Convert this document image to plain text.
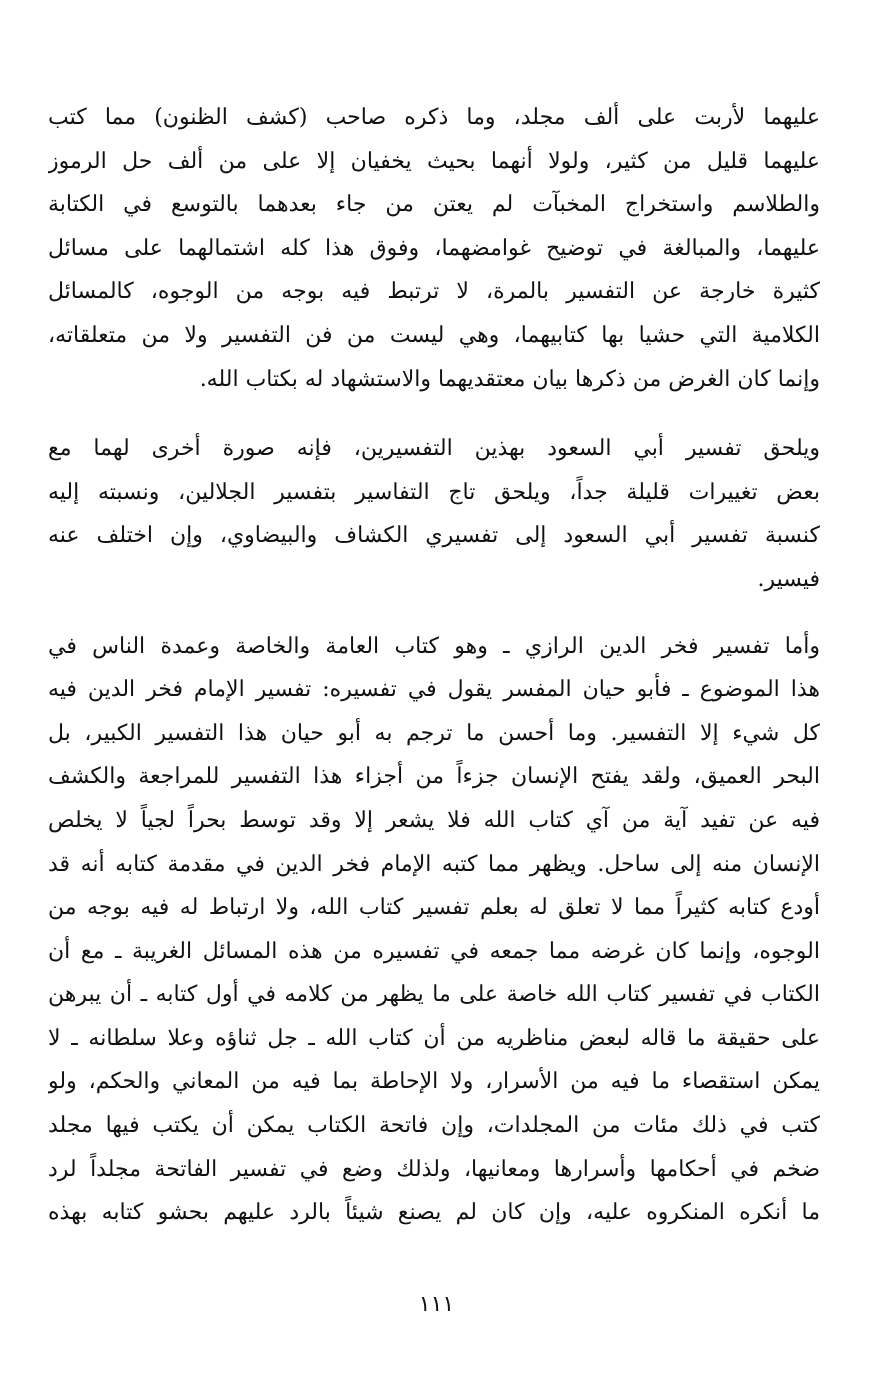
عليهما لأربت على ألف مجلد، وما ذكره صاحب (كشف الظنون) مما كتب
عليهما قليل من كثير، ولولا أنهما بحيث يخفيان إلا على من ألف حل الرموز
والطلاسم واستخراج المخبآت لم يعتن من جاء بعدهما بالتوسع في الكتابة
عليهما، والمبالغة في توضيح غوامضهما، وفوق هذا كله اشتمالهما على مسائل
كثيرة خارجة عن التفسير بالمرة، لا ترتبط فيه بوجه من الوجوه، كالمسائل
الكلامية التي حشيا بها كتابيهما، وهي ليست من فن التفسير ولا من متعلقاته،
وإنما كان الغرض من ذكرها بيان معتقديهما والاستشهاد له بكتاب الله.
ويلحق تفسير أبي السعود بهذين التفسيرين، فإنه صورة أخرى لهما مع
بعض تغييرات قليلة جداً، ويلحق تاج التفاسير بتفسير الجلالين، ونسبته إليه
كنسبة تفسير أبي السعود إلى تفسيري الكشاف والبيضاوي، وإن اختلف عنه
فيسير.
وأما تفسير فخر الدين الرازي ـ وهو كتاب العامة والخاصة وعمدة الناس في
هذا الموضوع ـ فأبو حيان المفسر يقول في تفسيره: تفسير الإمام فخر الدين فيه
كل شيء إلا التفسير. وما أحسن ما ترجم به أبو حيان هذا التفسير الكبير، بل
البحر العميق، ولقد يفتح الإنسان جزءاً من أجزاء هذا التفسير للمراجعة والكشف
فيه عن تفيد آية من آي كتاب الله فلا يشعر إلا وقد توسط بحراً لجياً لا يخلص
الإنسان منه إلى ساحل. ويظهر مما كتبه الإمام فخر الدين في مقدمة كتابه أنه قد
أودع كتابه كثيراً مما لا تعلق له بعلم تفسير كتاب الله، ولا ارتباط له فيه بوجه من
الوجوه، وإنما كان غرضه مما جمعه في تفسيره من هذه المسائل الغريبة ـ مع أن
الكتاب في تفسير كتاب الله خاصة على ما يظهر من كلامه في أول كتابه ـ أن يبرهن
على حقيقة ما قاله لبعض مناظريه من أن كتاب الله ـ جل ثناؤه وعلا سلطانه ـ لا
يمكن استقصاء ما فيه من الأسرار، ولا الإحاطة بما فيه من المعاني والحكم، ولو
كتب في ذلك مئات من المجلدات، وإن فاتحة الكتاب يمكن أن يكتب فيها مجلد
ضخم في أحكامها وأسرارها ومعانيها، ولذلك وضع في تفسير الفاتحة مجلداً لرد
ما أنكره المنكروه عليه، وإن كان لم يصنع شيئاً بالرد عليهم بحشو كتابه بهذه
١١١
